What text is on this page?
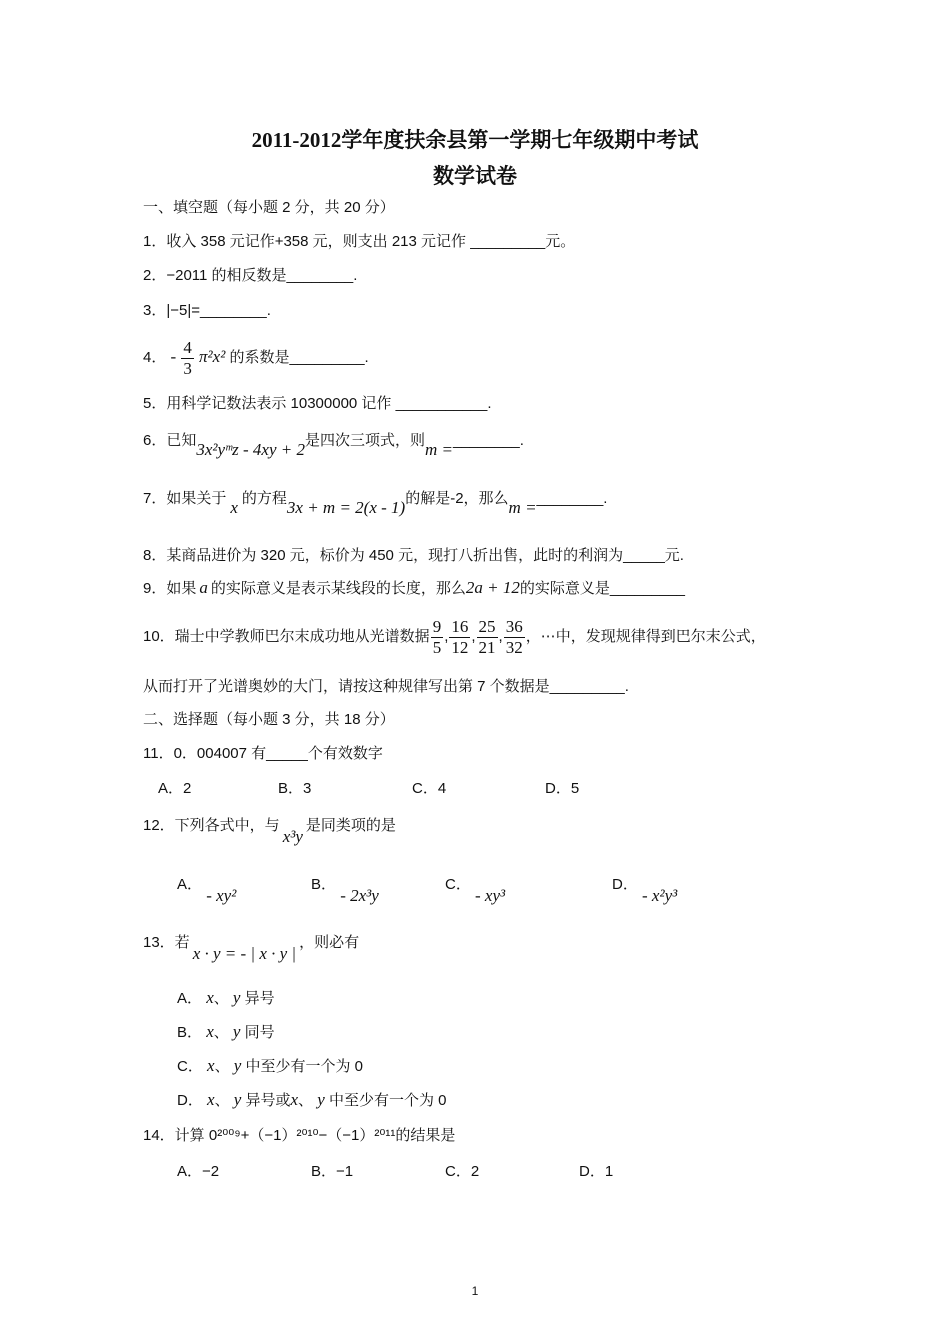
2011-2012学年度扶余县第一学期七年级期中考试
数学试卷
一、填空题（每小题 2 分，共 20 分）
1．收入 358 元记作+358 元，则支出 213 元记作 _________元。
2．−2011 的相反数是________.
3．|−5|=________.
4． - $\frac{4}{3} \pi^2x^2$ 的系数是_________.
5．用科学记数法表示 10300000 记作 ___________.
6．已知3x²yᵐz - 4xy + 2是四次三项式，则m =________.
7．如果关于 x 的方程3x + m = 2(x - 1)的解是-2，那么m =________.
8．某商品进价为 320 元，标价为 450 元，现打八折出售，此时的利润为_____元.
9．如果 a 的实际意义是表示某线段的长度，那么2a + 12的实际意义是_________
10．瑞士中学教师巴尔末成功地从光谱数据 $\frac{9}{5}$ , $\frac{16}{12}$ , $\frac{25}{21}$ , $\frac{36}{32}$ ，⋯中，发现规律得到巴尔末公式，
从而打开了光谱奥妙的大门，请按这种规律写出第 7 个数据是_________.
二、选择题（每小题 3 分，共 18 分）
11．0．004007 有_____个有效数字
A．2	B．3	C．4	D．5
12．下列各式中，与x³y是同类项的是
A． - xy²
B． - 2x³y
C． - xy³
D． - x²y³
13．若x · y = - | x · y |，则必有
A． x、 y 异号
B． x、 y 同号
C． x、 y 中至少有一个为 0
D． x、 y 异号或x、 y 中至少有一个为 0
14．计算 0²⁰⁰⁹+（−1）²⁰¹⁰−（−1）²⁰¹¹的结果是
A．−2	B．−1	C．2	D．1
1
